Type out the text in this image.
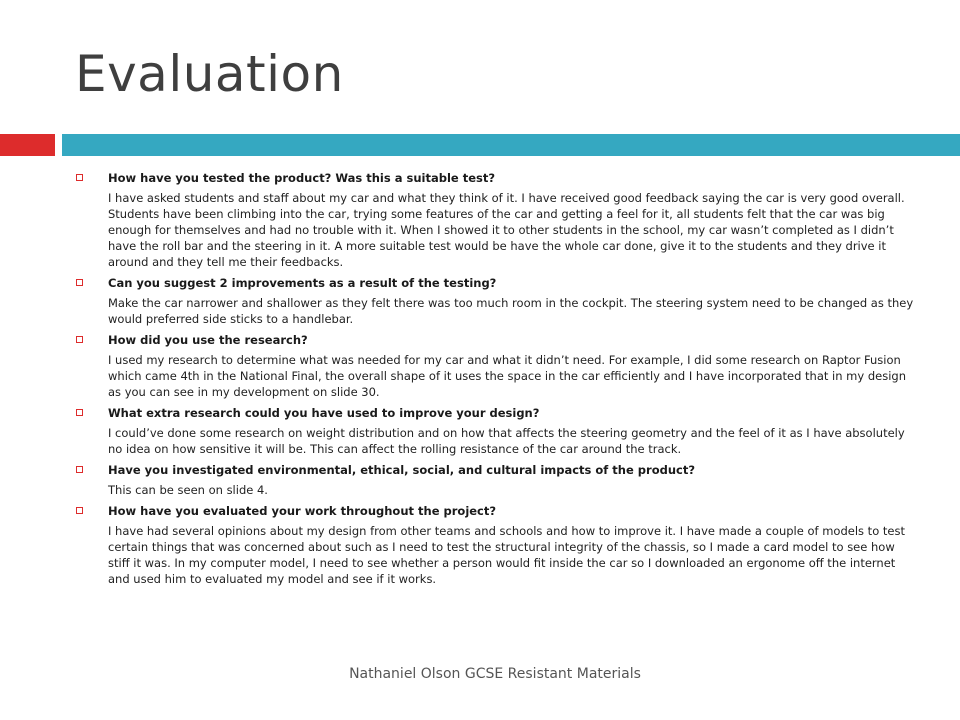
Evaluation
How have you tested the product? Was this a suitable test?
I have asked students and staff about my car and what they think of it. I have received good feedback saying the car is very good overall. Students have been climbing into the car, trying some features of the car and getting a feel for it, all students felt that the car was big enough for themselves and had no trouble with it. When I showed it to other students in the school, my car wasn’t completed as I didn’t have the roll bar and the steering in it. A more suitable test would be have the whole car done, give it to the students and they drive it around and they tell me their feedbacks.
Can you suggest 2 improvements as a result of the testing?
Make the car narrower and shallower as they felt there was too much room in the cockpit. The steering system need to be changed as they would preferred side sticks to a handlebar.
How did you use the research?
I used my research to determine what was needed for my car and what it didn’t need. For example, I did some research on Raptor Fusion which came 4th in the National Final, the overall shape of it uses the space in the car efficiently and I have incorporated that in my design as you can see in my development on slide 30.
What extra research could you have used to improve your design?
I could’ve done some research on weight distribution and on how that affects the steering geometry and the feel of it as I have absolutely no idea on how sensitive it will be. This can affect the rolling resistance of the car around the track.
Have you investigated environmental, ethical, social, and cultural impacts of the product?
This can be seen on slide 4.
How have you evaluated your work throughout the project?
I have had several opinions about my design from other teams and schools and how to improve it. I have made a couple of models to test certain things that was concerned about such as I need to test the structural integrity of the chassis, so I made a card model to see how stiff it was. In my computer model, I need to see whether a person would fit inside the car so I downloaded an ergonome off the internet and used him to evaluated my model and see if it works.
Nathaniel Olson GCSE Resistant Materials
